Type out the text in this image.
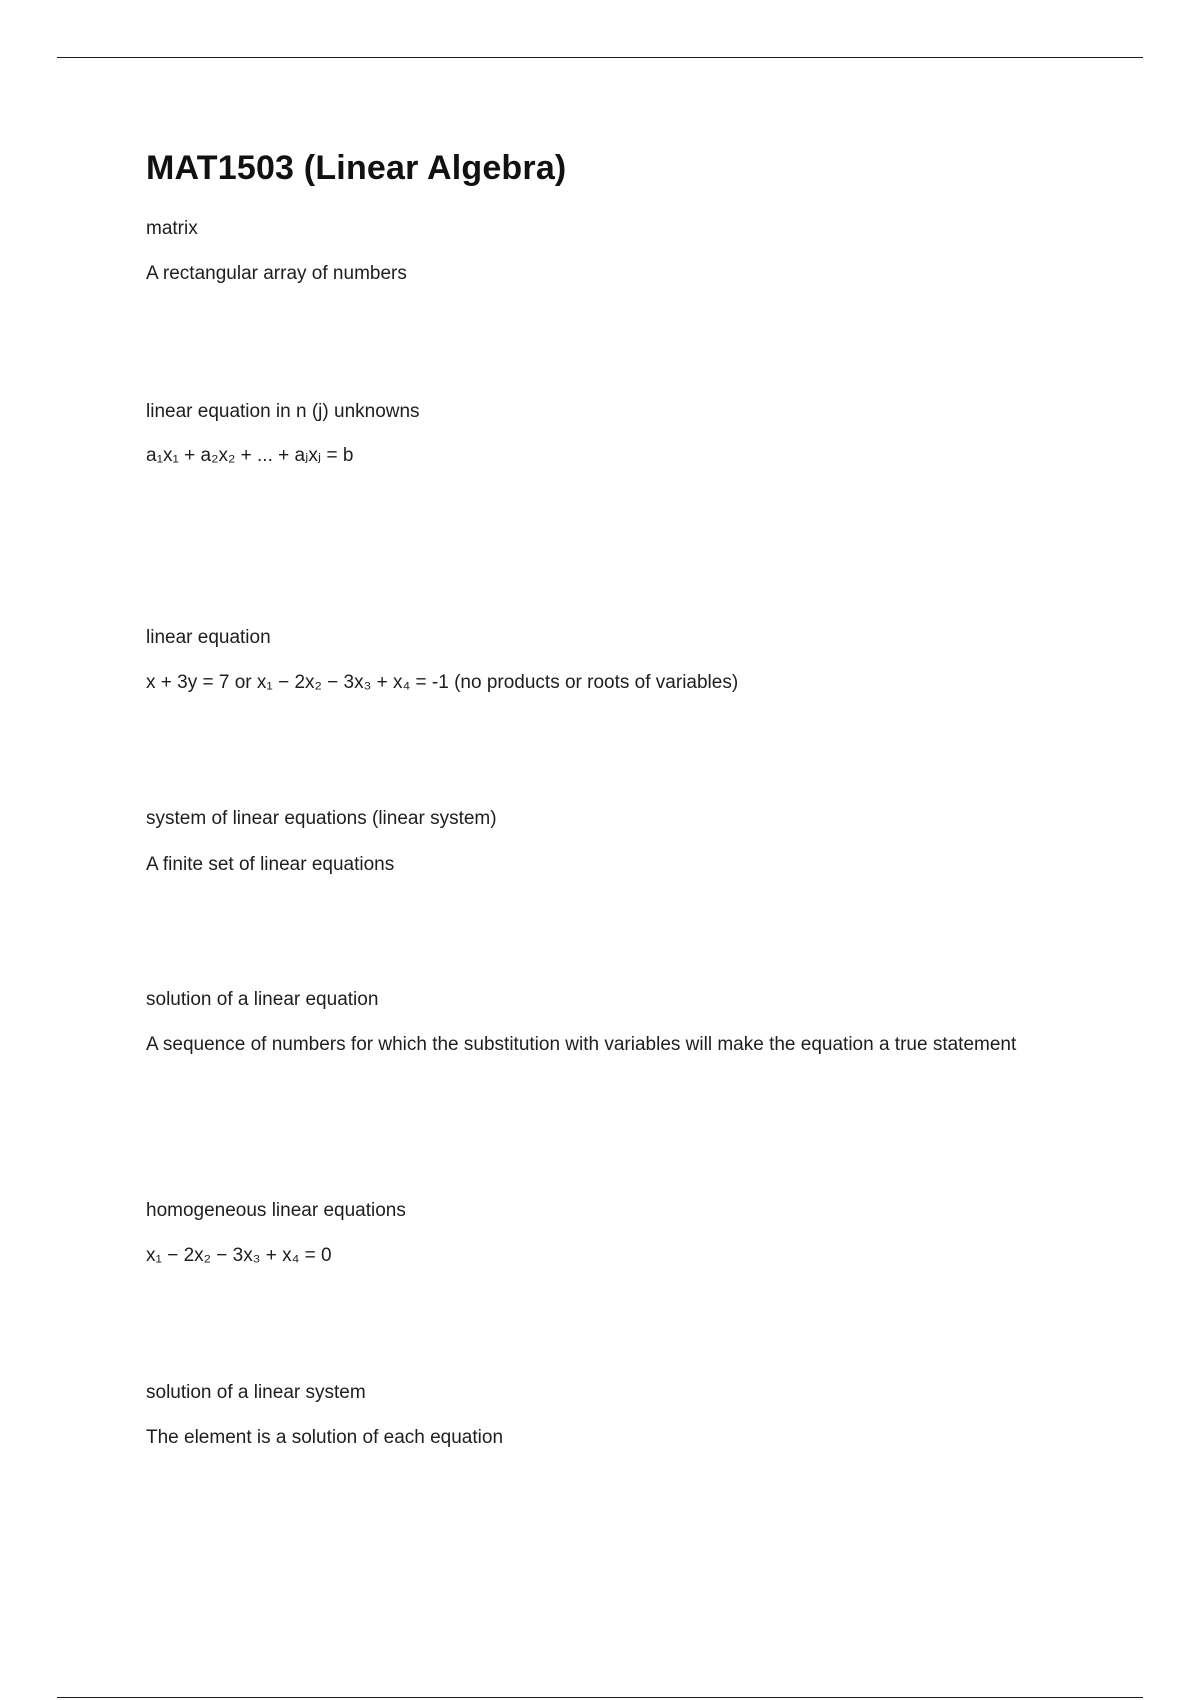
MAT1503 (Linear Algebra)

matrix

A rectangular array of numbers

linear equation in n (j) unknowns

a₁x₁ + a₂x₂ + ... + aⱼxⱼ = b

linear equation

x + 3y = 7 or x₁ − 2x₂ − 3x₃ + x₄ = -1 (no products or roots of variables)

system of linear equations (linear system)

A finite set of linear equations

solution of a linear equation

A sequence of numbers for which the substitution with variables will make the equation a true statement

homogeneous linear equations

x₁ − 2x₂ − 3x₃ + x₄ = 0

solution of a linear system

The element is a solution of each equation
